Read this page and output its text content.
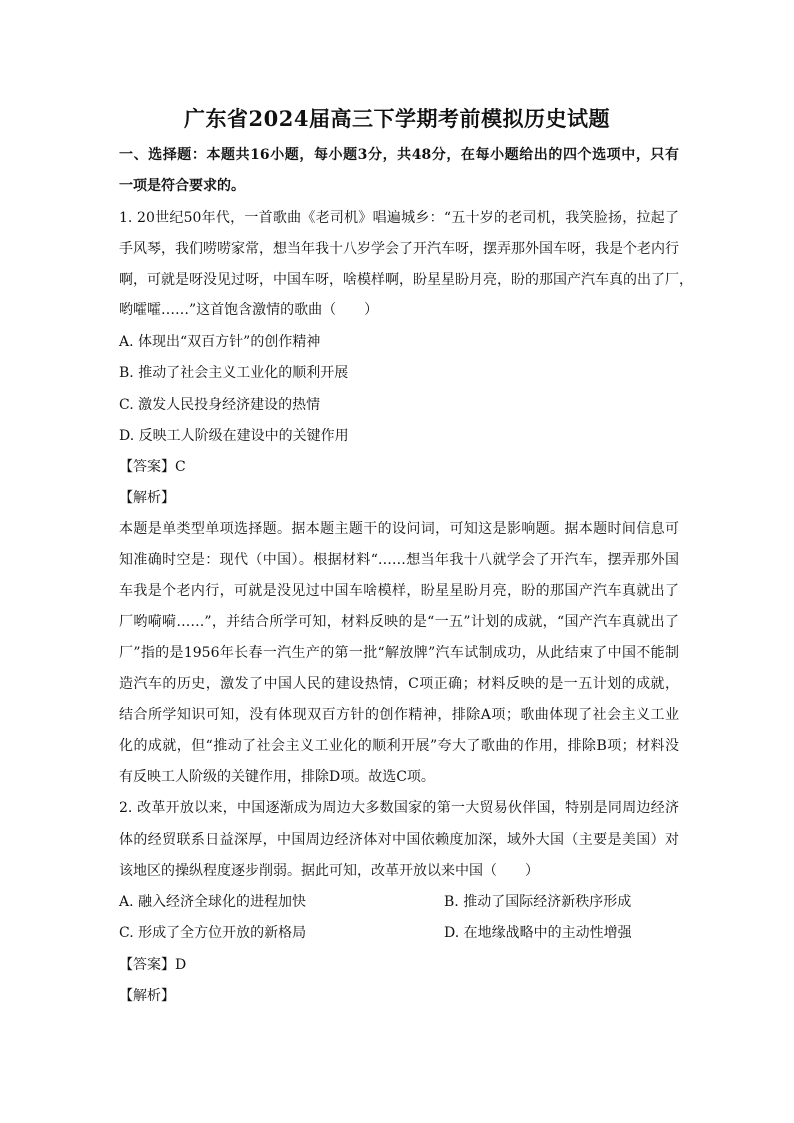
广东省2024届高三下学期考前模拟历史试题
一、选择题：本题共16小题，每小题3分，共48分，在每小题给出的四个选项中，只有
一项是符合要求的。
1. 20世纪50年代，一首歌曲《老司机》唱遍城乡：“五十岁的老司机，我笑脸扬，拉起了
手风琴，我们唠唠家常，想当年我十八岁学会了开汽车呀，摆弄那外国车呀，我是个老内行
啊，可就是呀没见过呀，中国车呀，啥模样啊，盼星星盼月亮，盼的那国产汽车真的出了厂，
哟嚯嚯……”这首饱含激情的歌曲（　　）
A. 体现出“双百方针”的创作精神
B. 推动了社会主义工业化的顺利开展
C. 激发人民投身经济建设的热情
D. 反映工人阶级在建设中的关键作用
【答案】C
【解析】
本题是单类型单项选择题。据本题主题干的设问词，可知这是影响题。据本题时间信息可
知准确时空是：现代（中国）。根据材料“……想当年我十八就学会了开汽车，摆弄那外国
车我是个老内行，可就是没见过中国车啥模样，盼星星盼月亮，盼的那国产汽车真就出了
厂哟嗬嗬……”，并结合所学可知，材料反映的是“一五”计划的成就，“国产汽车真就出了
厂”指的是1956年长春一汽生产的第一批“解放牌”汽车试制成功，从此结束了中国不能制
造汽车的历史，激发了中国人民的建设热情，C项正确；材料反映的是一五计划的成就，
结合所学知识可知，没有体现双百方针的创作精神，排除A项；歌曲体现了社会主义工业
化的成就，但“推动了社会主义工业化的顺利开展”夸大了歌曲的作用，排除B项；材料没
有反映工人阶级的关键作用，排除D项。故选C项。
2. 改革开放以来，中国逐渐成为周边大多数国家的第一大贸易伙伴国，特别是同周边经济
体的经贸联系日益深厚，中国周边经济体对中国依赖度加深，域外大国（主要是美国）对
该地区的操纵程度逐步削弱。据此可知，改革开放以来中国（　　）
A. 融入经济全球化的进程加快	B. 推动了国际经济新秩序形成
C. 形成了全方位开放的新格局	D. 在地缘战略中的主动性增强
【答案】D
【解析】
